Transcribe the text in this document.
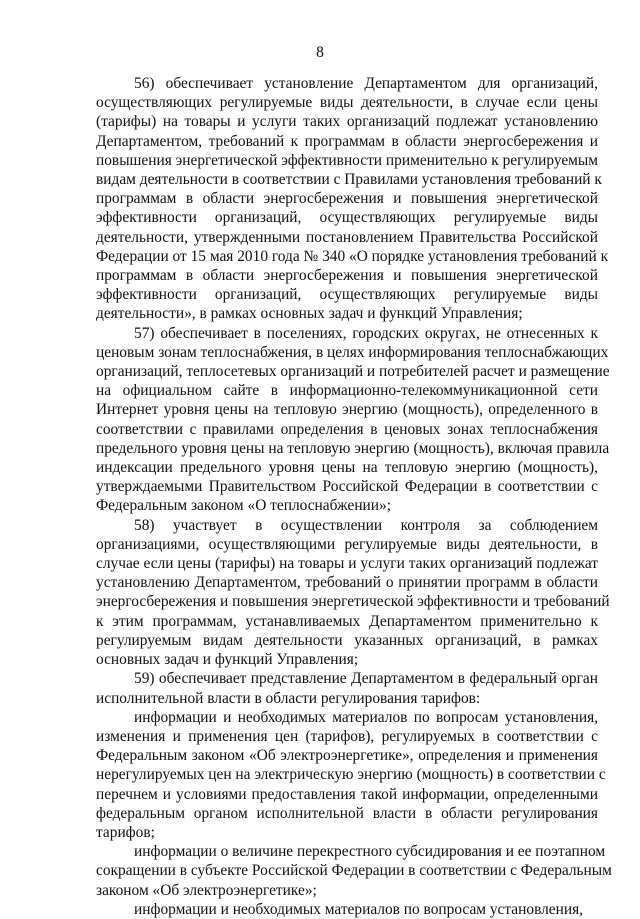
8
56) обеспечивает установление Департаментом для организаций,
осуществляющих регулируемые виды деятельности, в случае если цены
(тарифы) на товары и услуги таких организаций подлежат установлению
Департаментом, требований к программам в области энергосбережения и
повышения энергетической эффективности применительно к регулируемым
видам деятельности в соответствии с Правилами установления требований к
программам в области энергосбережения и повышения энергетической
эффективности организаций, осуществляющих регулируемые виды
деятельности, утвержденными постановлением Правительства Российской
Федерации от 15 мая 2010 года № 340 «О порядке установления требований к
программам в области энергосбережения и повышения энергетической
эффективности организаций, осуществляющих регулируемые виды
деятельности», в рамках основных задач и функций Управления;
57) обеспечивает в поселениях, городских округах, не отнесенных к
ценовым зонам теплоснабжения, в целях информирования теплоснабжающих
организаций, теплосетевых организаций и потребителей расчет и размещение
на официальном сайте в информационно-телекоммуникационной сети
Интернет уровня цены на тепловую энергию (мощность), определенного в
соответствии с правилами определения в ценовых зонах теплоснабжения
предельного уровня цены на тепловую энергию (мощность), включая правила
индексации предельного уровня цены на тепловую энергию (мощность),
утверждаемыми Правительством Российской Федерации в соответствии с
Федеральным законом «О теплоснабжении»;
58) участвует в осуществлении контроля за соблюдением
организациями, осуществляющими регулируемые виды деятельности, в
случае если цены (тарифы) на товары и услуги таких организаций подлежат
установлению Департаментом, требований о принятии программ в области
энергосбережения и повышения энергетической эффективности и требований
к этим программам, устанавливаемых Департаментом применительно к
регулируемым видам деятельности указанных организаций, в рамках
основных задач и функций Управления;
59) обеспечивает представление Департаментом в федеральный орган
исполнительной власти в области регулирования тарифов:
информации и необходимых материалов по вопросам установления,
изменения и применения цен (тарифов), регулируемых в соответствии с
Федеральным законом «Об электроэнергетике», определения и применения
нерегулируемых цен на электрическую энергию (мощность) в соответствии с
перечнем и условиями предоставления такой информации, определенными
федеральным органом исполнительной власти в области регулирования
тарифов;
информации о величине перекрестного субсидирования и ее поэтапном
сокращении в субъекте Российской Федерации в соответствии с Федеральным
законом «Об электроэнергетике»;
информации и необходимых материалов по вопросам установления,
